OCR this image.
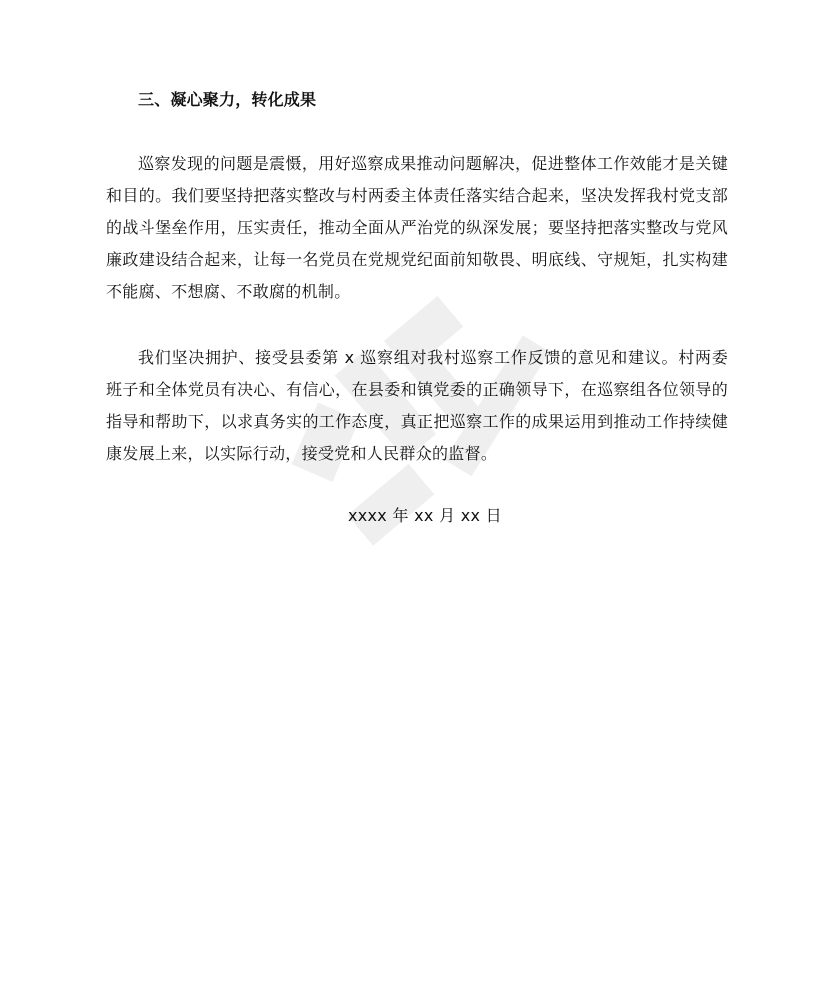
三、凝心聚力，转化成果

巡察发现的问题是震慑，用好巡察成果推动问题解决，促进整体工作效能才是关键和目的。我们要坚持把落实整改与村两委主体责任落实结合起来，坚决发挥我村党支部的战斗堡垒作用，压实责任，推动全面从严治党的纵深发展；要坚持把落实整改与党风廉政建设结合起来，让每一名党员在党规党纪面前知敬畏、明底线、守规矩，扎实构建不能腐、不想腐、不敢腐的机制。

我们坚决拥护、接受县委第 x 巡察组对我村巡察工作反馈的意见和建议。村两委班子和全体党员有决心、有信心，在县委和镇党委的正确领导下，在巡察组各位领导的指导和帮助下，以求真务实的工作态度，真正把巡察工作的成果运用到推动工作持续健康发展上来，以实际行动，接受党和人民群众的监督。

xxxx 年 xx 月 xx 日
